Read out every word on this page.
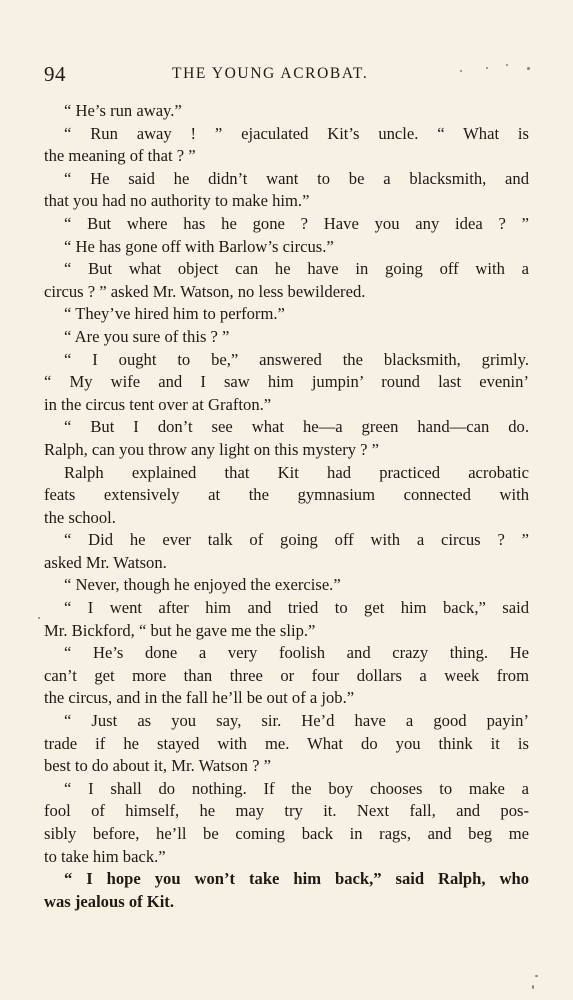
94	THE YOUNG ACROBAT.
“ He’s run away.”
“ Run away ! ” ejaculated Kit’s uncle. “ What is
the meaning of that ? ”
“ He said he didn’t want to be a blacksmith, and
that you had no authority to make him.”
“ But where has he gone ? Have you any idea ? ”
“ He has gone off with Barlow’s circus.”
“ But what object can he have in going off with a
circus ? ” asked Mr. Watson, no less bewildered.
“ They’ve hired him to perform.”
“ Are you sure of this ? ”
“ I ought to be,” answered the blacksmith, grimly.
“ My wife and I saw him jumpin’ round last evenin’
in the circus tent over at Grafton.”
“ But I don’t see what he—a green hand—can do.
Ralph, can you throw any light on this mystery ? ”
Ralph explained that Kit had practiced acrobatic
feats extensively at the gymnasium connected with
the school.
“ Did he ever talk of going off with a circus ? ”
asked Mr. Watson.
“ Never, though he enjoyed the exercise.”
“ I went after him and tried to get him back,” said
Mr. Bickford, “ but he gave me the slip.”
“ He’s done a very foolish and crazy thing. He
can’t get more than three or four dollars a week from
the circus, and in the fall he’ll be out of a job.”
“ Just as you say, sir. He’d have a good payin’
trade if he stayed with me. What do you think it is
best to do about it, Mr. Watson ? ”
“ I shall do nothing. If the boy chooses to make a
fool of himself, he may try it. Next fall, and pos-
sibly before, he’ll be coming back in rags, and beg me
to take him back.”
“ I hope you won’t take him back,” said Ralph, who
was jealous of Kit.
